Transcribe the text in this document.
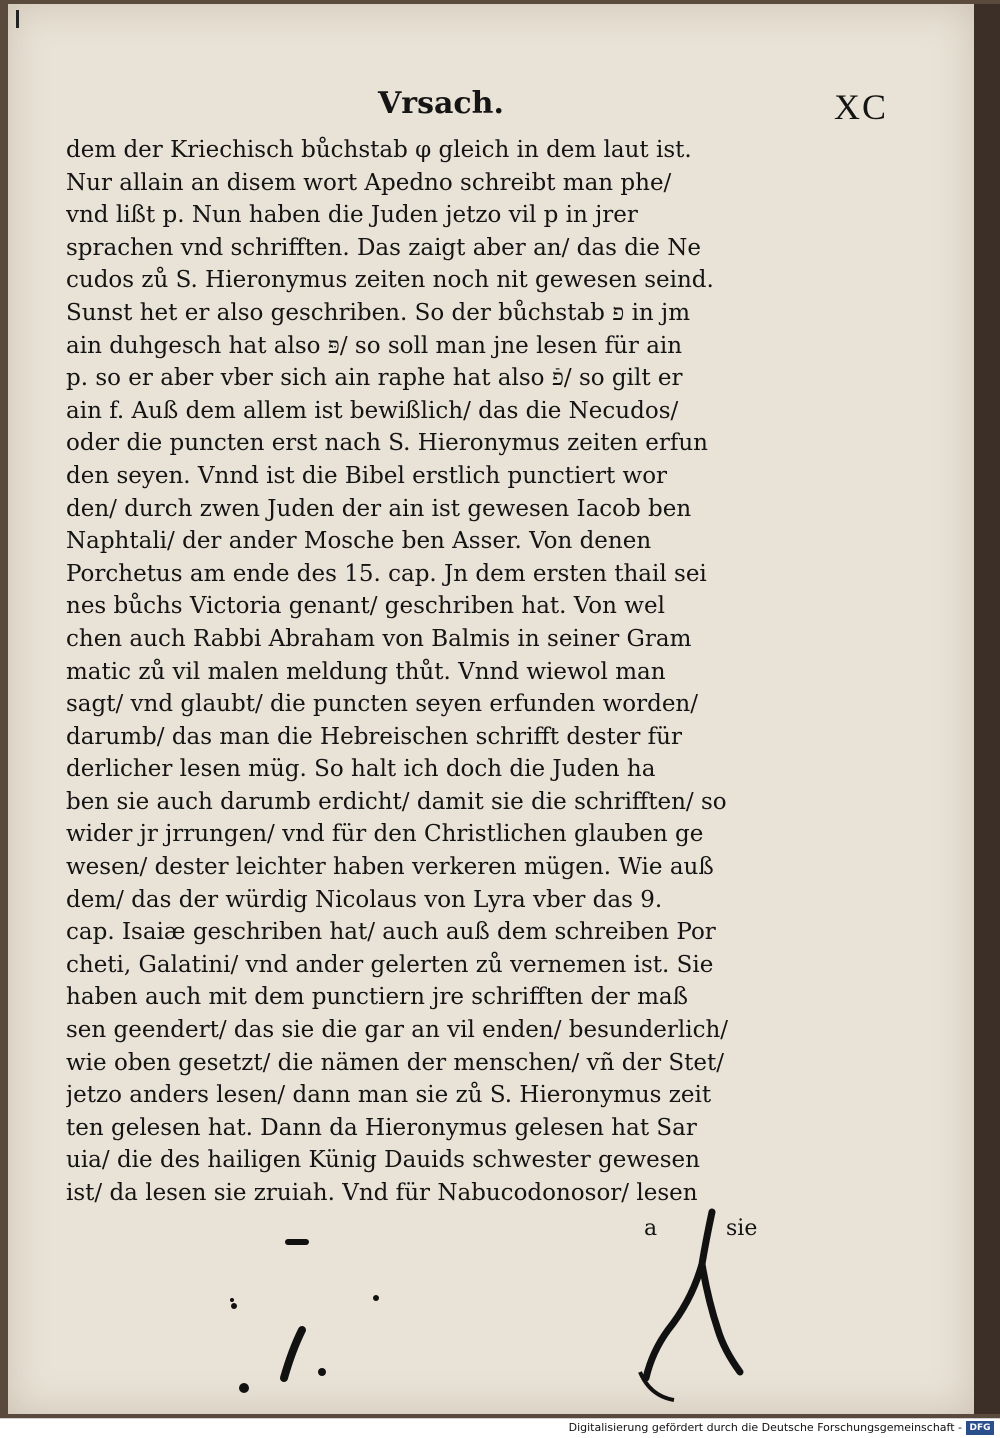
Vrsach.	XC
dem der Kriechisch bůchstab φ gleich in dem laut ist.
Nur allain an disem wort Apedno schreibt man phe/
vnd lißt p. Nun haben die Juden jetzo vil p in jrer
sprachen vnd schrifften. Das zaigt aber an/ das die Ne
cudos zů S. Hieronymus zeiten noch nit gewesen seind.
Sunst het er also geschriben. So der bůchstab פ in jm
ain duhgesch hat also פּ/ so soll man jne lesen für ain
p. so er aber vber sich ain raphe hat also פֿ/ so gilt er
ain f. Auß dem allem ist bewißlich/ das die Necudos/
oder die puncten erst nach S. Hieronymus zeiten erfun
den seyen. Vnnd ist die Bibel erstlich punctiert wor
den/ durch zwen Juden der ain ist gewesen Iacob ben
Naphtali/ der ander Mosche ben Asser. Von denen
Porchetus am ende des 15. cap. Jn dem ersten thail sei
nes bůchs Victoria genant/ geschriben hat. Von wel
chen auch Rabbi Abraham von Balmis in seiner Gram
matic zů vil malen meldung thůt. Vnnd wiewol man
sagt/ vnd glaubt/ die puncten seyen erfunden worden/
darumb/ das man die Hebreischen schrifft dester für
derlicher lesen müg. So halt ich doch die Juden ha
ben sie auch darumb erdicht/ damit sie die schrifften/ so
wider jr jrrungen/ vnd für den Christlichen glauben ge
wesen/ dester leichter haben verkeren mügen. Wie auß
dem/ das der würdig Nicolaus von Lyra vber das 9.
cap. Isaiæ geschriben hat/ auch auß dem schreiben Por
cheti, Galatini/ vnd ander gelerten zů vernemen ist. Sie
haben auch mit dem punctiern jre schrifften der maß
sen geendert/ das sie die gar an vil enden/ besunderlich/
wie oben gesetzt/ die nämen der menschen/ vñ der Stet/
jetzo anders lesen/ dann man sie zů S. Hieronymus zeit
ten gelesen hat. Dann da Hieronymus gelesen hat Sar
uia/ die des hailigen Künig Dauids schwester gewesen
ist/ da lesen sie zruiah. Vnd für Nabucodonosor/ lesen
a	sie
Digitalisierung gefördert durch die Deutsche Forschungsgemeinschaft - DFG
